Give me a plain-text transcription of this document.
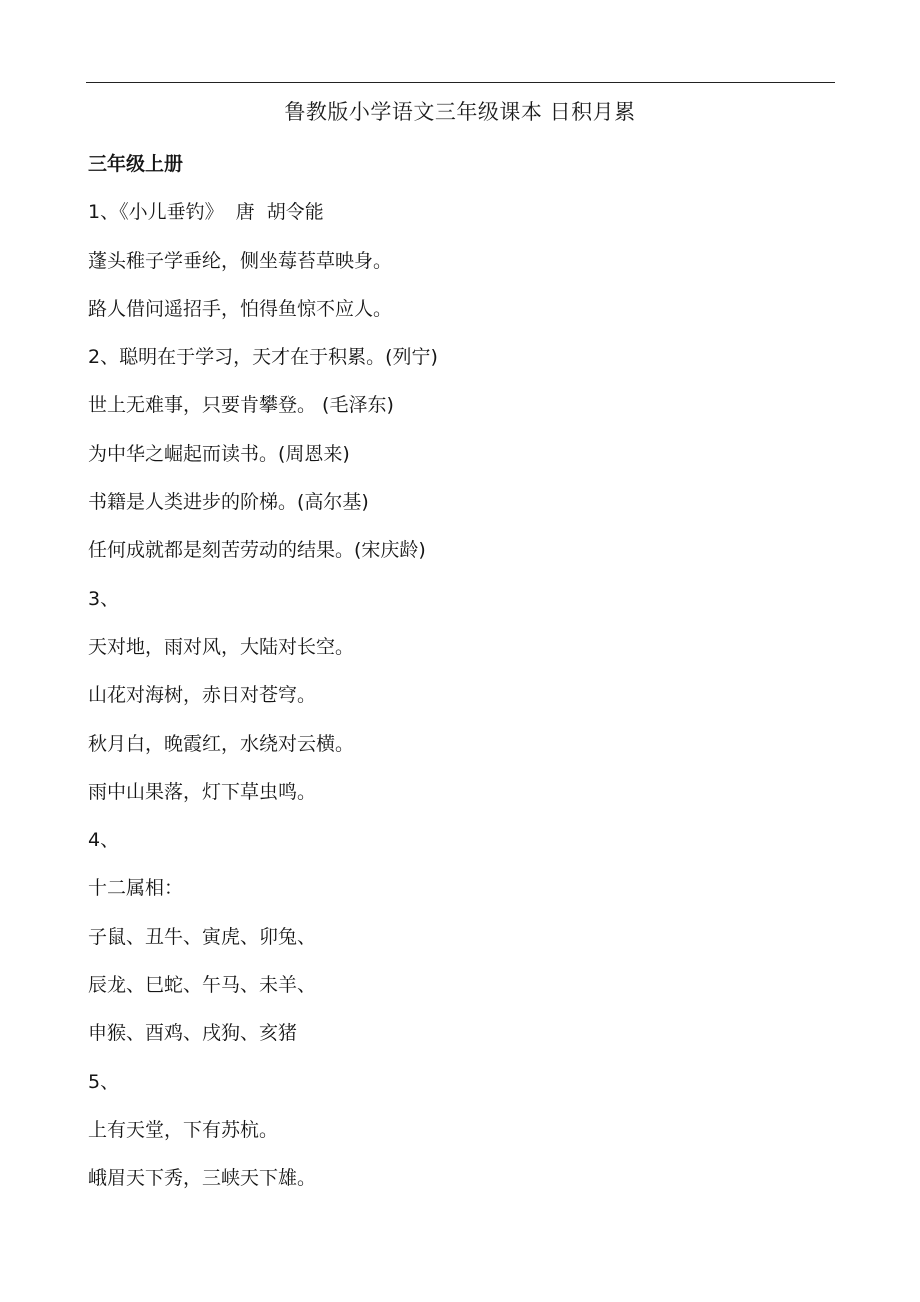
鲁教版小学语文三年级课本 日积月累
三年级上册
1、《小儿垂钓》  唐  胡令能
蓬头稚子学垂纶，侧坐莓苔草映身。
路人借问遥招手，怕得鱼惊不应人。
2、聪明在于学习，天才在于积累。(列宁)
世上无难事，只要肯攀登。 (毛泽东)
为中华之崛起而读书。(周恩来)
书籍是人类进步的阶梯。(高尔基)
任何成就都是刻苦劳动的结果。(宋庆龄)
3、
天对地，雨对风，大陆对长空。
山花对海树，赤日对苍穹。
秋月白，晚霞红，水绕对云横。
雨中山果落，灯下草虫鸣。
4、
十二属相：
子鼠、丑牛、寅虎、卯兔、
辰龙、巳蛇、午马、未羊、
申猴、酉鸡、戌狗、亥猪
5、
上有天堂，下有苏杭。
峨眉天下秀，三峡天下雄。
